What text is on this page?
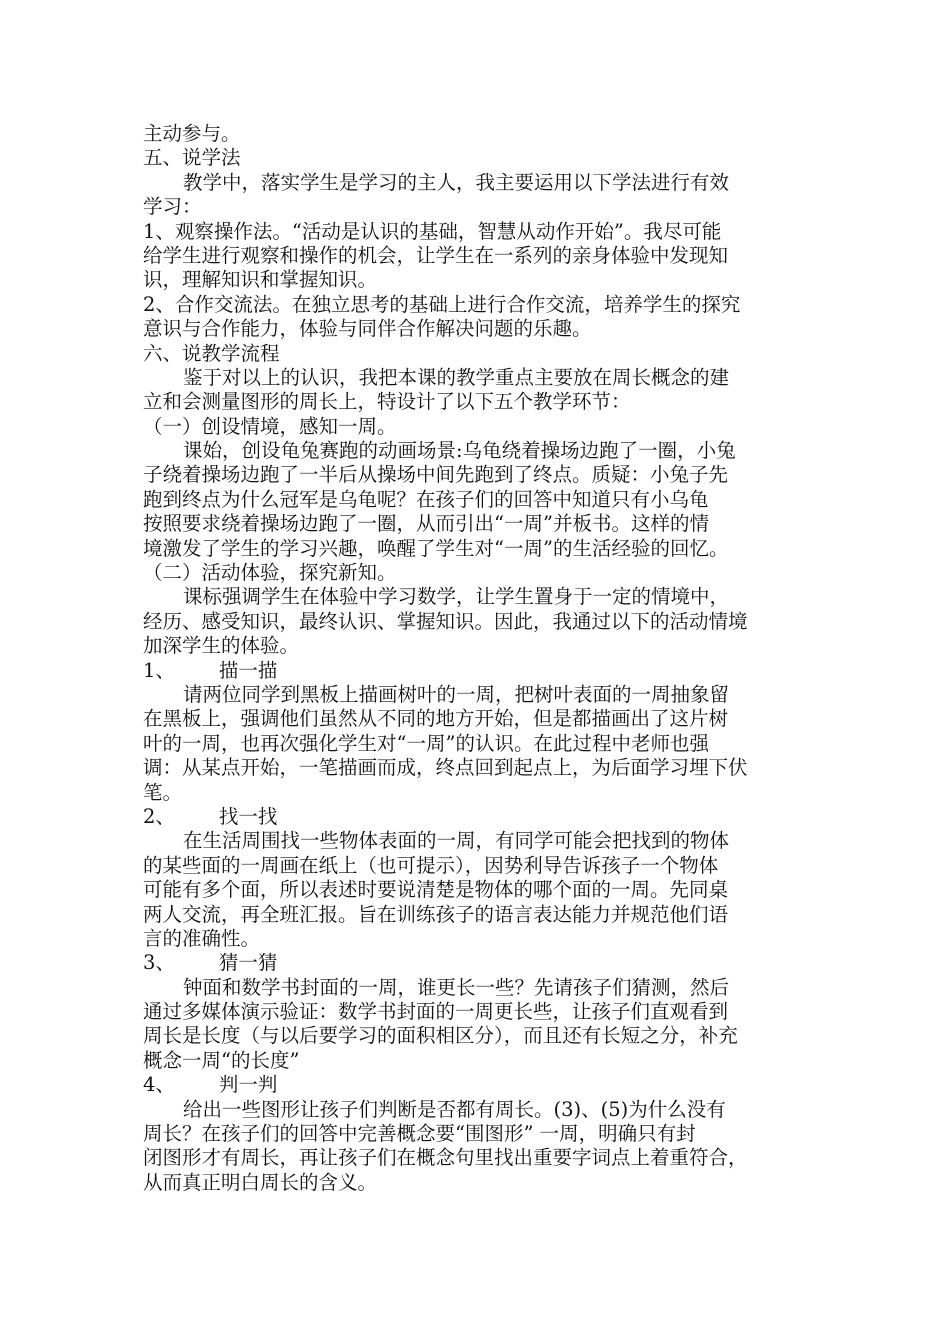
主动参与。
五、说学法
教学中，落实学生是学习的主人，我主要运用以下学法进行有效
学习：
1、观察操作法。“活动是认识的基础，智慧从动作开始”。我尽可能
给学生进行观察和操作的机会，让学生在一系列的亲身体验中发现知
识，理解知识和掌握知识。
2、合作交流法。在独立思考的基础上进行合作交流，培养学生的探究
意识与合作能力，体验与同伴合作解决问题的乐趣。
六、说教学流程
鉴于对以上的认识，我把本课的教学重点主要放在周长概念的建
立和会测量图形的周长上，特设计了以下五个教学环节：
（一）创设情境，感知一周。
课始，创设龟兔赛跑的动画场景:乌龟绕着操场边跑了一圈，小兔
子绕着操场边跑了一半后从操场中间先跑到了终点。质疑：小兔子先
跑到终点为什么冠军是乌龟呢？在孩子们的回答中知道只有小乌龟
按照要求绕着操场边跑了一圈，从而引出“一周”并板书。这样的情
境激发了学生的学习兴趣，唤醒了学生对“一周”的生活经验的回忆。
（二）活动体验，探究新知。
课标强调学生在体验中学习数学，让学生置身于一定的情境中，
经历、感受知识，最终认识、掌握知识。因此，我通过以下的活动情境
加深学生的体验。
1、 描一描
请两位同学到黑板上描画树叶的一周，把树叶表面的一周抽象留
在黑板上，强调他们虽然从不同的地方开始，但是都描画出了这片树
叶的一周，也再次强化学生对“一周”的认识。在此过程中老师也强
调：从某点开始，一笔描画而成，终点回到起点上，为后面学习埋下伏
笔。
2、 找一找
在生活周围找一些物体表面的一周，有同学可能会把找到的物体
的某些面的一周画在纸上（也可提示），因势利导告诉孩子一个物体
可能有多个面，所以表述时要说清楚是物体的哪个面的一周。先同桌
两人交流，再全班汇报。旨在训练孩子的语言表达能力并规范他们语
言的准确性。
3、 猜一猜
钟面和数学书封面的一周，谁更长一些？先请孩子们猜测，然后
通过多媒体演示验证：数学书封面的一周更长些，让孩子们直观看到
周长是长度（与以后要学习的面积相区分），而且还有长短之分，补充
概念一周“的长度”
4、 判一判
给出一些图形让孩子们判断是否都有周长。(3)、(5)为什么没有
周长？在孩子们的回答中完善概念要“围图形” 一周，明确只有封
闭图形才有周长，再让孩子们在概念句里找出重要字词点上着重符合，
从而真正明白周长的含义。
